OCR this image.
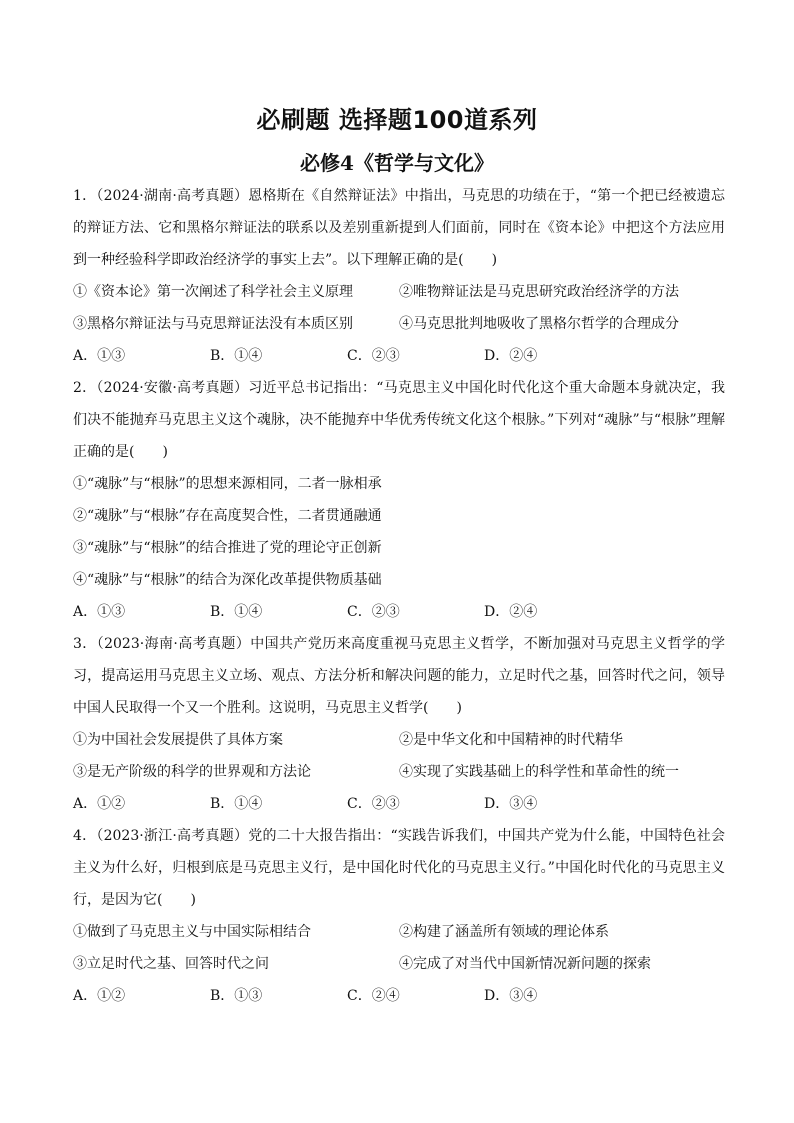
必刷题 选择题100道系列
必修4《哲学与文化》

1．（2024·湖南·高考真题）恩格斯在《自然辩证法》中指出，马克思的功绩在于，“第一个把已经被遗忘的辩证方法、它和黑格尔辩证法的联系以及差别重新提到人们面前，同时在《资本论》中把这个方法应用到一种经验科学即政治经济学的事实上去”。以下理解正确的是(　　)

①《资本论》第一次阐述了科学社会主义原理	②唯物辩证法是马克思研究政治经济学的方法
③黑格尔辩证法与马克思辩证法没有本质区别	④马克思批判地吸收了黑格尔哲学的合理成分
A．①③	B．①④	C．②③	D．②④

2．（2024·安徽·高考真题）习近平总书记指出：“马克思主义中国化时代化这个重大命题本身就决定，我们决不能抛弃马克思主义这个魂脉，决不能抛弃中华优秀传统文化这个根脉。”下列对“魂脉”与“根脉”理解正确的是(　　)

①“魂脉”与“根脉”的思想来源相同，二者一脉相承
②“魂脉”与“根脉”存在高度契合性，二者贯通融通
③“魂脉”与“根脉”的结合推进了党的理论守正创新
④“魂脉”与“根脉”的结合为深化改革提供物质基础
A．①③	B．①④	C．②③	D．②④

3．（2023·海南·高考真题）中国共产党历来高度重视马克思主义哲学，不断加强对马克思主义哲学的学习，提高运用马克思主义立场、观点、方法分析和解决问题的能力，立足时代之基，回答时代之问，领导中国人民取得一个又一个胜利。这说明，马克思主义哲学(　　)

①为中国社会发展提供了具体方案	②是中华文化和中国精神的时代精华
③是无产阶级的科学的世界观和方法论	④实现了实践基础上的科学性和革命性的统一
A．①②	B．①④	C．②③	D．③④

4．（2023·浙江·高考真题）党的二十大报告指出：“实践告诉我们，中国共产党为什么能，中国特色社会主义为什么好，归根到底是马克思主义行，是中国化时代化的马克思主义行。”中国化时代化的马克思主义行，是因为它(　　)

①做到了马克思主义与中国实际相结合	②构建了涵盖所有领域的理论体系
③立足时代之基、回答时代之问	④完成了对当代中国新情况新问题的探索
A．①②	B．①③	C．②④	D．③④
